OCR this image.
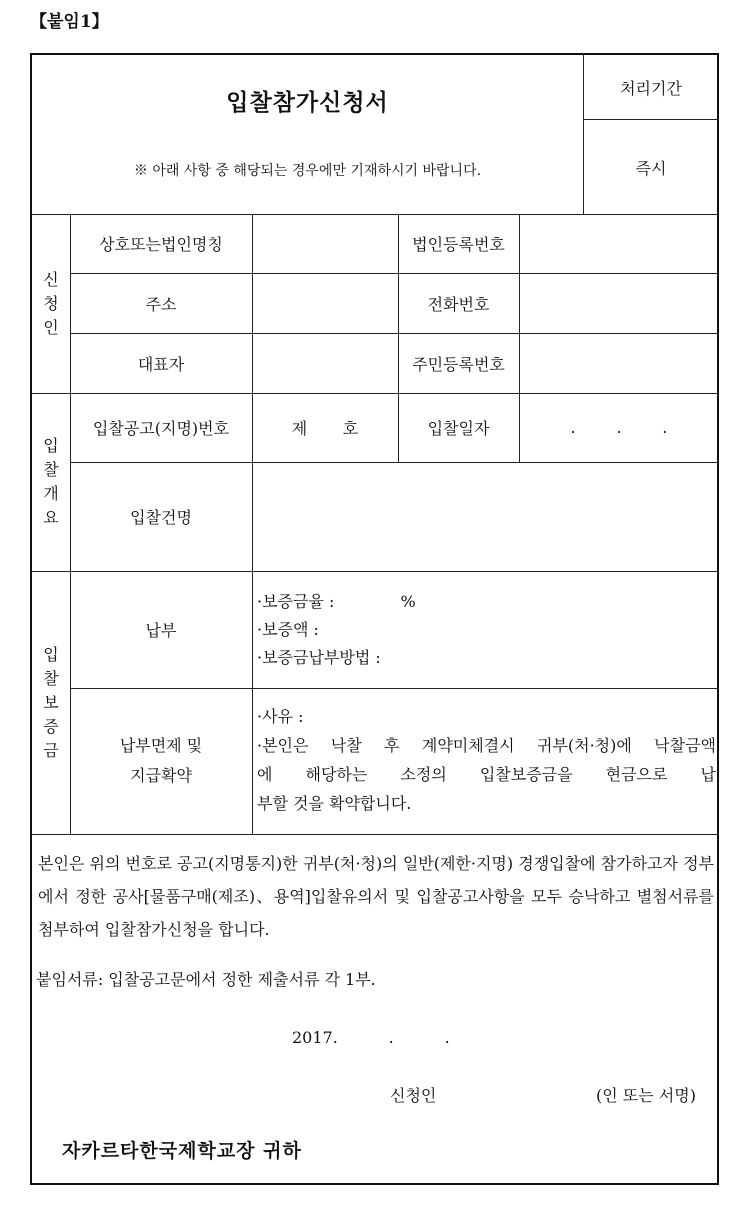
【붙임1】
입찰참가신청서
※ 아래 사항 중 해당되는 경우에만 기재하시기 바랍니다.
처리기간
즉시
신
청
인
상호또는법인명칭	법인등록번호
주소	전화번호
대표자	주민등록번호
입
찰
개
요
입찰공고(지명)번호	제       호	입찰일자	.        .        .
입찰건명
입
찰
보
증
금
납부
·보증금율 :             %
·보증액 :
·보증금납부방법 :
납부면제 및
지급확약
·사유 :
·본인은 낙찰 후 계약미체결시 귀부(처·청)에 낙찰금액
에 해당하는 소정의 입찰보증금을 현금으로 납
부할 것을 확약합니다.
본인은 위의 번호로 공고(지명통지)한 귀부(처·청)의 일반(제한·지명) 경쟁입찰에 참가하고자 정부에서 정한 공사[물품구매(제조)、용역]입찰유의서 및 입찰공고사항을 모두 승낙하고 별첨서류를 첨부하여 입찰참가신청을 합니다.
붙임서류: 입찰공고문에서 정한 제출서류 각 1부.
2017.          .          .
신청인	(인 또는 서명)
자카르타한국제학교장 귀하
